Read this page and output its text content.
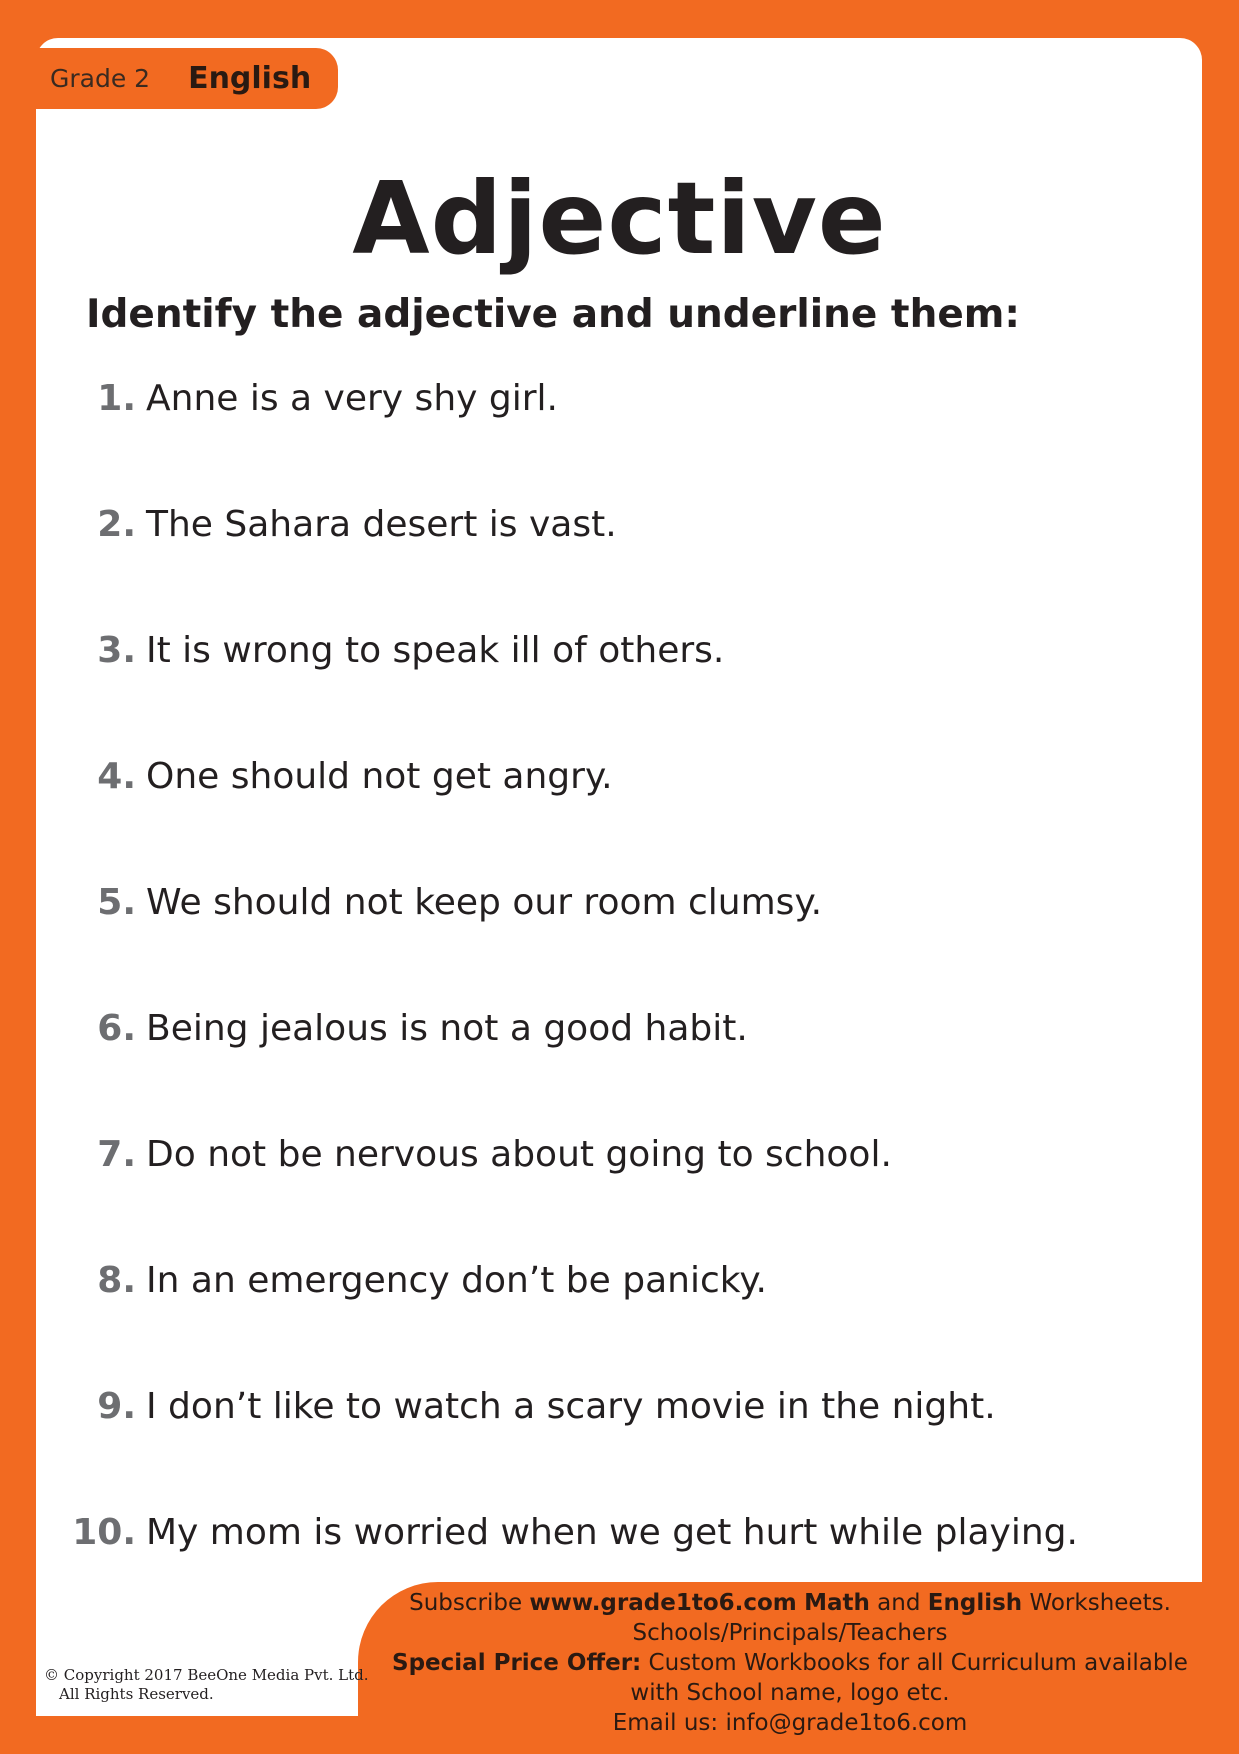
Grade 2 English
Adjective
Identify the adjective and underline them:
1. Anne is a very shy girl.
2. The Sahara desert is vast.
3. It is wrong to speak ill of others.
4. One should not get angry.
5. We should not keep our room clumsy.
6. Being jealous is not a good habit.
7. Do not be nervous about going to school.
8. In an emergency don’t be panicky.
9. I don’t like to watch a scary movie in the night.
10. My mom is worried when we get hurt while playing.
Subscribe www.grade1to6.com Math and English Worksheets.
Schools/Principals/Teachers
Special Price Offer: Custom Workbooks for all Curriculum available
with School name, logo etc.
Email us: info@grade1to6.com
© Copyright 2017 BeeOne Media Pvt. Ltd.
All Rights Reserved.
